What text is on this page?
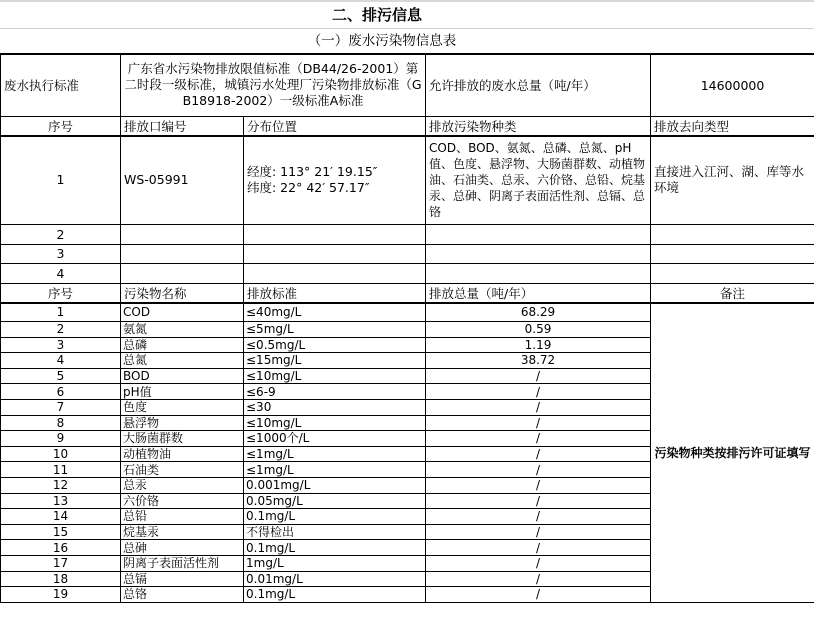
二、排污信息
（一）废水污染物信息表
废水执行标准	广东省水污染物排放限值标准（DB44/26-2001）第二时段一级标准，城镇污水处理厂污染物排放标准（GB18918-2002）一级标准A标准		允许排放的废水总量（吨/年）	14600000
序号	排放口编号	分布位置	排放污染物种类	排放去向类型
1	WS-05991	经度: 113° 21′ 19.15″
纬度: 22° 42′ 57.17″	COD、BOD、氨氮、总磷、总氮、pH值、色度、悬浮物、大肠菌群数、动植物油、石油类、总汞、六价铬、总铅、烷基汞、总砷、阴离子表面活性剂、总镉、总铬	直接进入江河、湖、库等水环境
2				
3				
4				
序号	污染物名称	排放标准	排放总量（吨/年）	备注
1	COD	≤40mg/L	68.29	污染物种类按排污许可证填写
2	氨氮	≤5mg/L	0.59	
3	总磷	≤0.5mg/L	1.19	
4	总氮	≤15mg/L	38.72	
5	BOD	≤10mg/L	/	
6	pH值	≤6-9	/	
7	色度	≤30	/	
8	悬浮物	≤10mg/L	/	
9	大肠菌群数	≤1000个/L	/	
10	动植物油	≤1mg/L	/	
11	石油类	≤1mg/L	/	
12	总汞	0.001mg/L	/	
13	六价铬	0.05mg/L	/	
14	总铅	0.1mg/L	/	
15	烷基汞	不得检出	/	
16	总砷	0.1mg/L	/	
17	阴离子表面活性剂	1mg/L	/	
18	总镉	0.01mg/L	/	
19	总铬	0.1mg/L	/	
